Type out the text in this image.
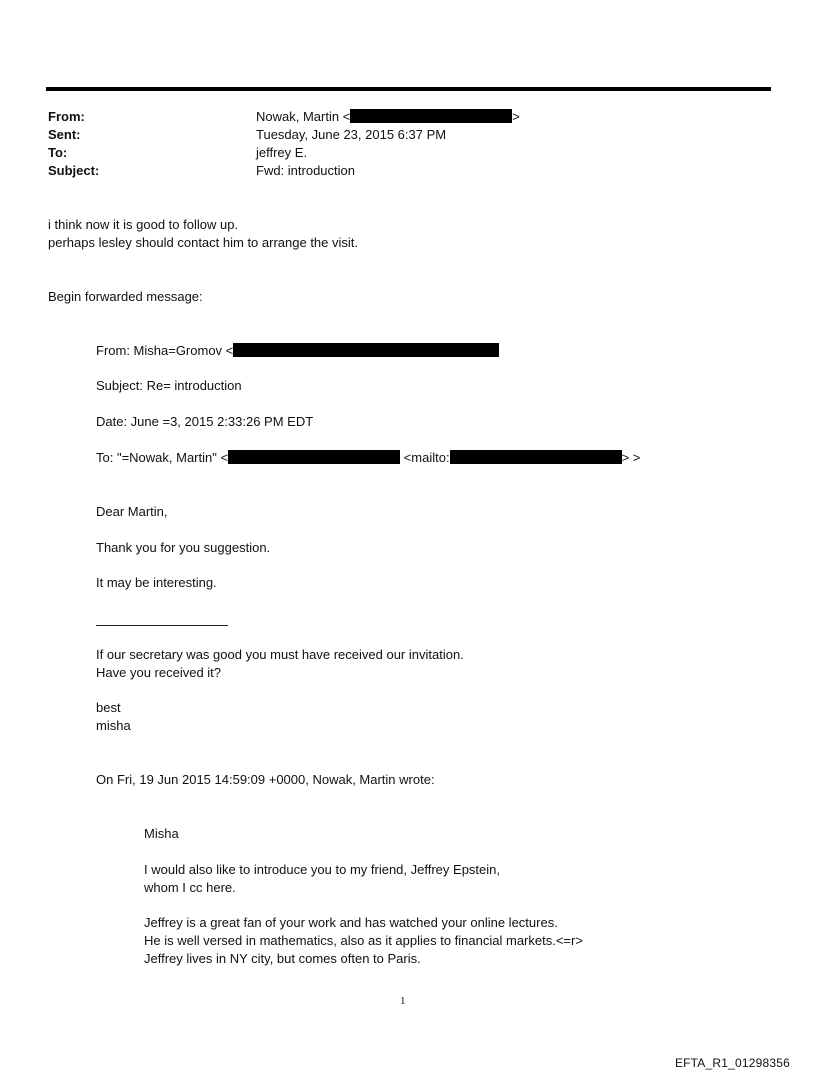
From:	Nowak, Martin <	>
Sent:	Tuesday, June 23, 2015 6:37 PM
To:	jeffrey E.
Subject:	Fwd: introduction
i think now it is good to follow up.
perhaps lesley should contact him to arrange the visit.
Begin forwarded message:
From: Misha=Gromov <
Subject: Re= introduction
Date: June =3, 2015 2:33:26 PM EDT
To: "=Nowak, Martin" <	<mailto:	> >
Dear Martin,
Thank you for you suggestion.
It may be interesting.
If our secretary was good you must have received our invitation.
Have you received it?
best
misha
On Fri, 19 Jun 2015 14:59:09 +0000, Nowak, Martin wrote:
Misha
I would also like to introduce you to my friend, Jeffrey Epstein,
whom I cc here.
Jeffrey is a great fan of your work and has watched your online lectures.
He is well versed in mathematics, also as it applies to financial markets.<=r>
Jeffrey lives in NY city, but comes often to Paris.
1
EFTA_R1_01298356
